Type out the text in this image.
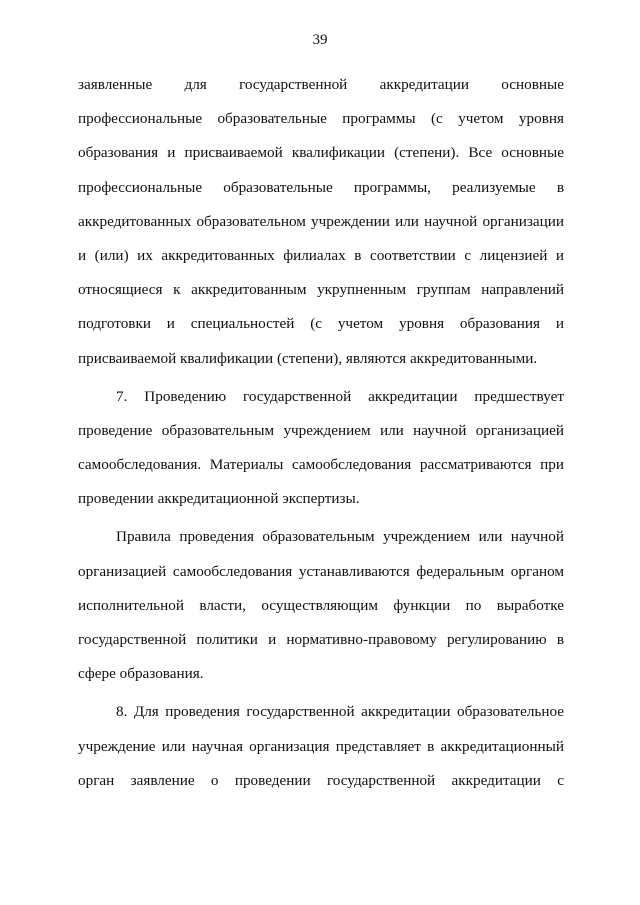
39
заявленные для государственной аккредитации основные
профессиональные образовательные программы (с учетом уровня
образования и присваиваемой квалификации (степени). Все основные
профессиональные образовательные программы, реализуемые в
аккредитованных образовательном учреждении или научной организации
и (или) их аккредитованных филиалах в соответствии с лицензией и
относящиеся к аккредитованным укрупненным группам направлений
подготовки и специальностей (с учетом уровня образования и
присваиваемой квалификации (степени), являются аккредитованными.
7. Проведению государственной аккредитации предшествует
проведение образовательным учреждением или научной организацией
самообследования. Материалы самообследования рассматриваются при
проведении аккредитационной экспертизы.
Правила проведения образовательным учреждением или научной
организацией самообследования устанавливаются федеральным органом
исполнительной власти, осуществляющим функции по выработке
государственной политики и нормативно-правовому регулированию в
сфере образования.
8. Для проведения государственной аккредитации образовательное
учреждение или научная организация представляет в аккредитационный
орган заявление о проведении государственной аккредитации с
